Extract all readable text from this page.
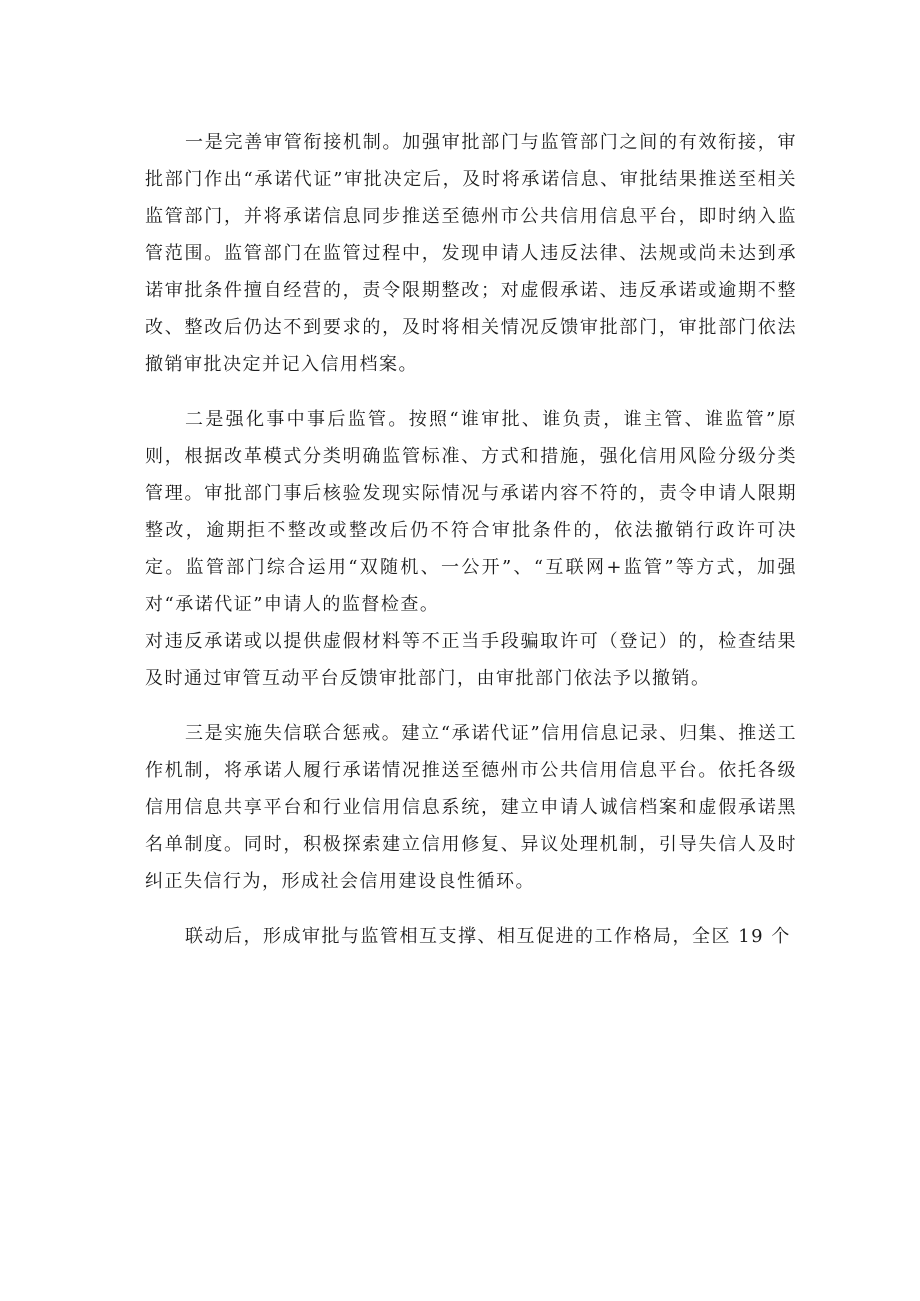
一是完善审管衔接机制。加强审批部门与监管部门之间的有效衔接，审批部门作出“承诺代证”审批决定后，及时将承诺信息、审批结果推送至相关监管部门，并将承诺信息同步推送至德州市公共信用信息平台，即时纳入监管范围。监管部门在监管过程中，发现申请人违反法律、法规或尚未达到承诺审批条件擅自经营的，责令限期整改；对虚假承诺、违反承诺或逾期不整改、整改后仍达不到要求的，及时将相关情况反馈审批部门，审批部门依法撤销审批决定并记入信用档案。

二是强化事中事后监管。按照“谁审批、谁负责，谁主管、谁监管”原则，根据改革模式分类明确监管标准、方式和措施，强化信用风险分级分类管理。审批部门事后核验发现实际情况与承诺内容不符的，责令申请人限期整改，逾期拒不整改或整改后仍不符合审批条件的，依法撤销行政许可决定。监管部门综合运用“双随机、一公开”、“互联网+监管”等方式，加强对“承诺代证”申请人的监督检查。

对违反承诺或以提供虚假材料等不正当手段骗取许可（登记）的，检查结果及时通过审管互动平台反馈审批部门，由审批部门依法予以撤销。

三是实施失信联合惩戒。建立“承诺代证”信用信息记录、归集、推送工作机制，将承诺人履行承诺情况推送至德州市公共信用信息平台。依托各级信用信息共享平台和行业信用信息系统，建立申请人诚信档案和虚假承诺黑名单制度。同时，积极探索建立信用修复、异议处理机制，引导失信人及时纠正失信行为，形成社会信用建设良性循环。

联动后，形成审批与监管相互支撑、相互促进的工作格局，全区 19 个
